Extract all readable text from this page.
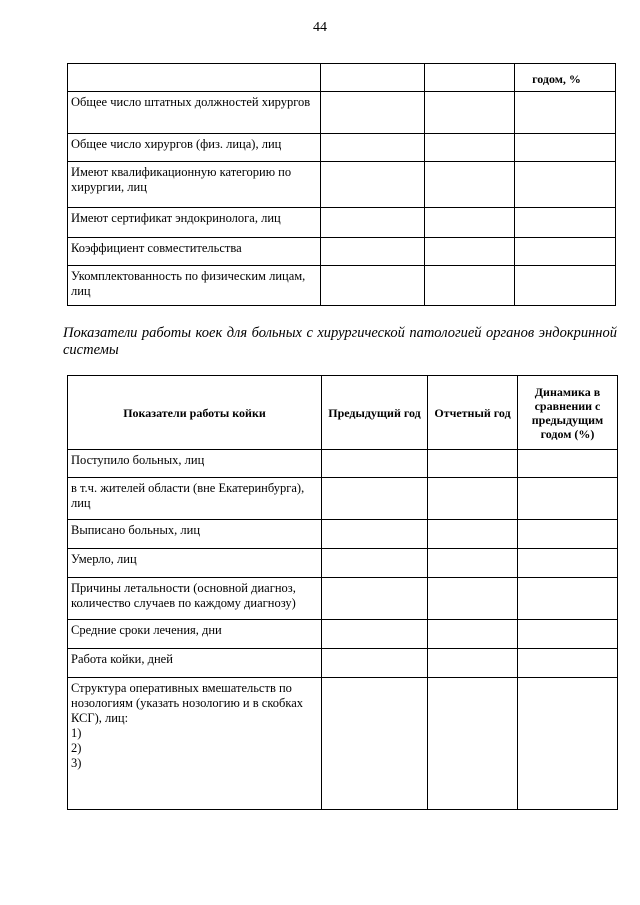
44
			годом, %
Общее число штатных должностей хирургов			
Общее число хирургов (физ. лица), лиц			
Имеют квалификационную категорию по хирургии, лиц			
Имеют сертификат эндокринолога, лиц			
Коэффициент совместительства			
Укомплектованность по физическим лицам, лиц			
Показатели работы коек для больных с хирургической патологией органов эндокринной системы
Показатели работы койки	Предыдущий год	Отчетный год	Динамика в сравнении с предыдущим годом (%)
Поступило больных, лиц			
в т.ч. жителей области (вне Екатеринбурга), лиц			
Выписано больных, лиц			
Умерло, лиц			
Причины летальности (основной диагноз, количество случаев по каждому диагнозу)			
Средние сроки лечения, дни			
Работа койки, дней			
Структура оперативных вмешательств по нозологиям (указать нозологию и в скобках КСГ), лиц:
1)
2)
3)			
